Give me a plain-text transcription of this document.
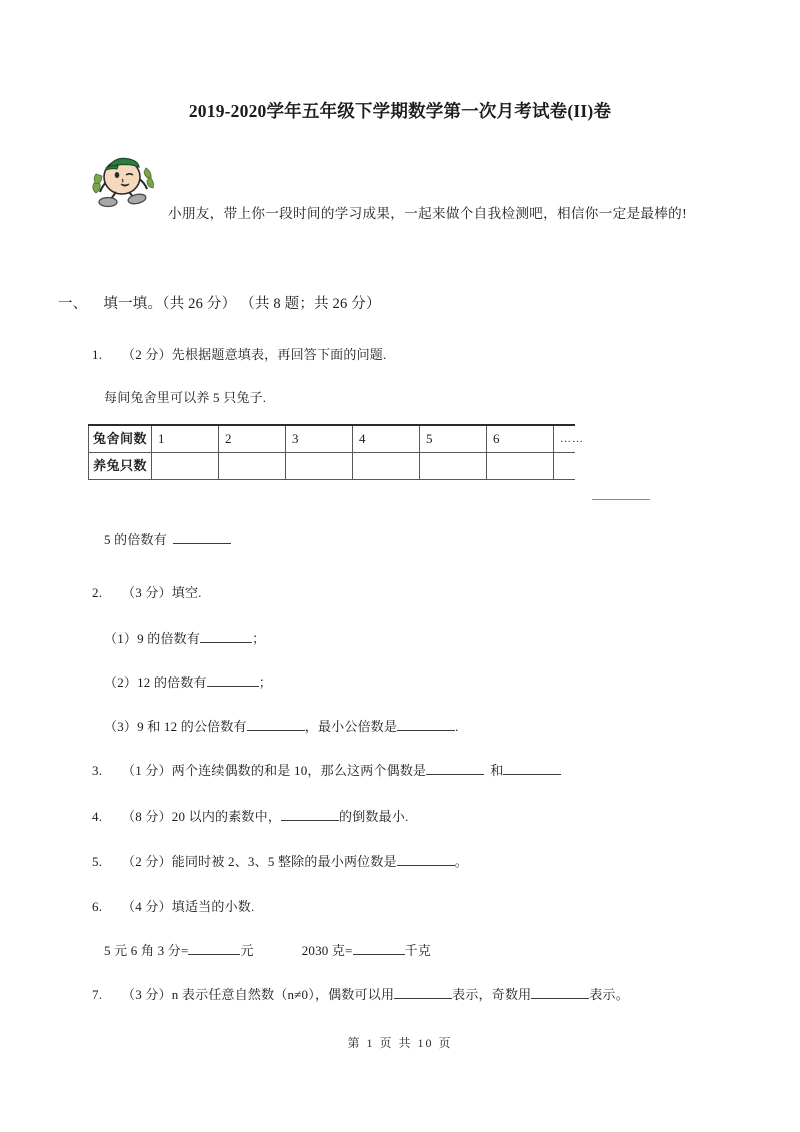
2019-2020学年五年级下学期数学第一次月考试卷(II)卷
小朋友，带上你一段时间的学习成果，一起来做个自我检测吧，相信你一定是最棒的!
一、 填一填。（共 26 分） （共 8 题；共 26 分）
1. （2 分）先根据题意填表，再回答下面的问题.
每间兔舍里可以养 5 只兔子.
兔舍间数	1	2	3	4	5	6	……
养兔只数							
5 的倍数有
2. （3 分）填空.
（1）9 的倍数有	；
（2）12 的倍数有	；
（3）9 和 12 的公倍数有	，最小公倍数是	.
3. （1 分）两个连续偶数的和是 10，那么这两个偶数是	和
4. （8 分）20 以内的素数中，	的倒数最小.
5. （2 分）能同时被 2、3、5 整除的最小两位数是	。
6. （4 分）填适当的小数.
5 元 6 角 3 分=	元	2030 克=	千克
7. （3 分）n 表示任意自然数（n≠0），偶数可以用	表示，奇数用	表示。
第 1 页 共 10 页
